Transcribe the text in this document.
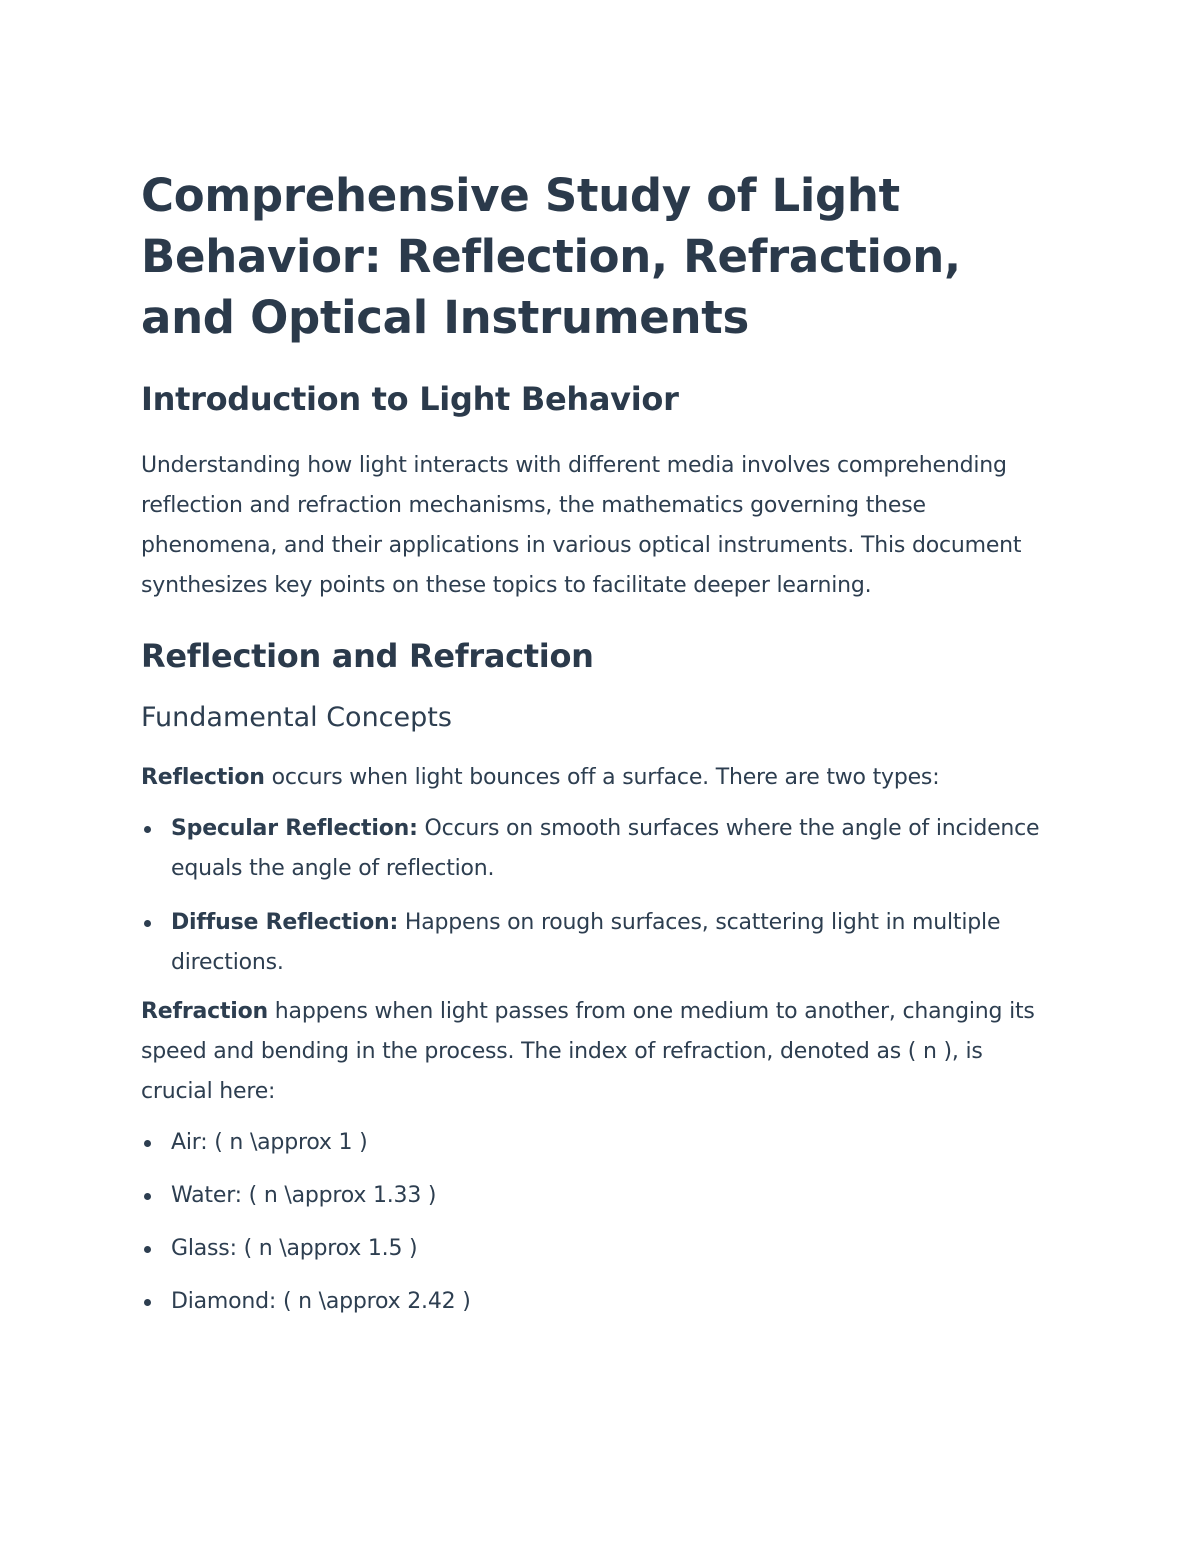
Comprehensive Study of Light Behavior: Reflection, Refraction, and Optical Instruments
Introduction to Light Behavior

Understanding how light interacts with different media involves comprehending reflection and refraction mechanisms, the mathematics governing these phenomena, and their applications in various optical instruments. This document synthesizes key points on these topics to facilitate deeper learning.

Reflection and Refraction
Fundamental Concepts

Reflection occurs when light bounces off a surface. There are two types:

Specular Reflection: Occurs on smooth surfaces where the angle of incidence equals the angle of reflection.
Diffuse Reflection: Happens on rough surfaces, scattering light in multiple directions.

Refraction happens when light passes from one medium to another, changing its speed and bending in the process. The index of refraction, denoted as ( n ), is crucial here:

Air: ( n \approx 1 )
Water: ( n \approx 1.33 )
Glass: ( n \approx 1.5 )
Diamond: ( n \approx 2.42 )
